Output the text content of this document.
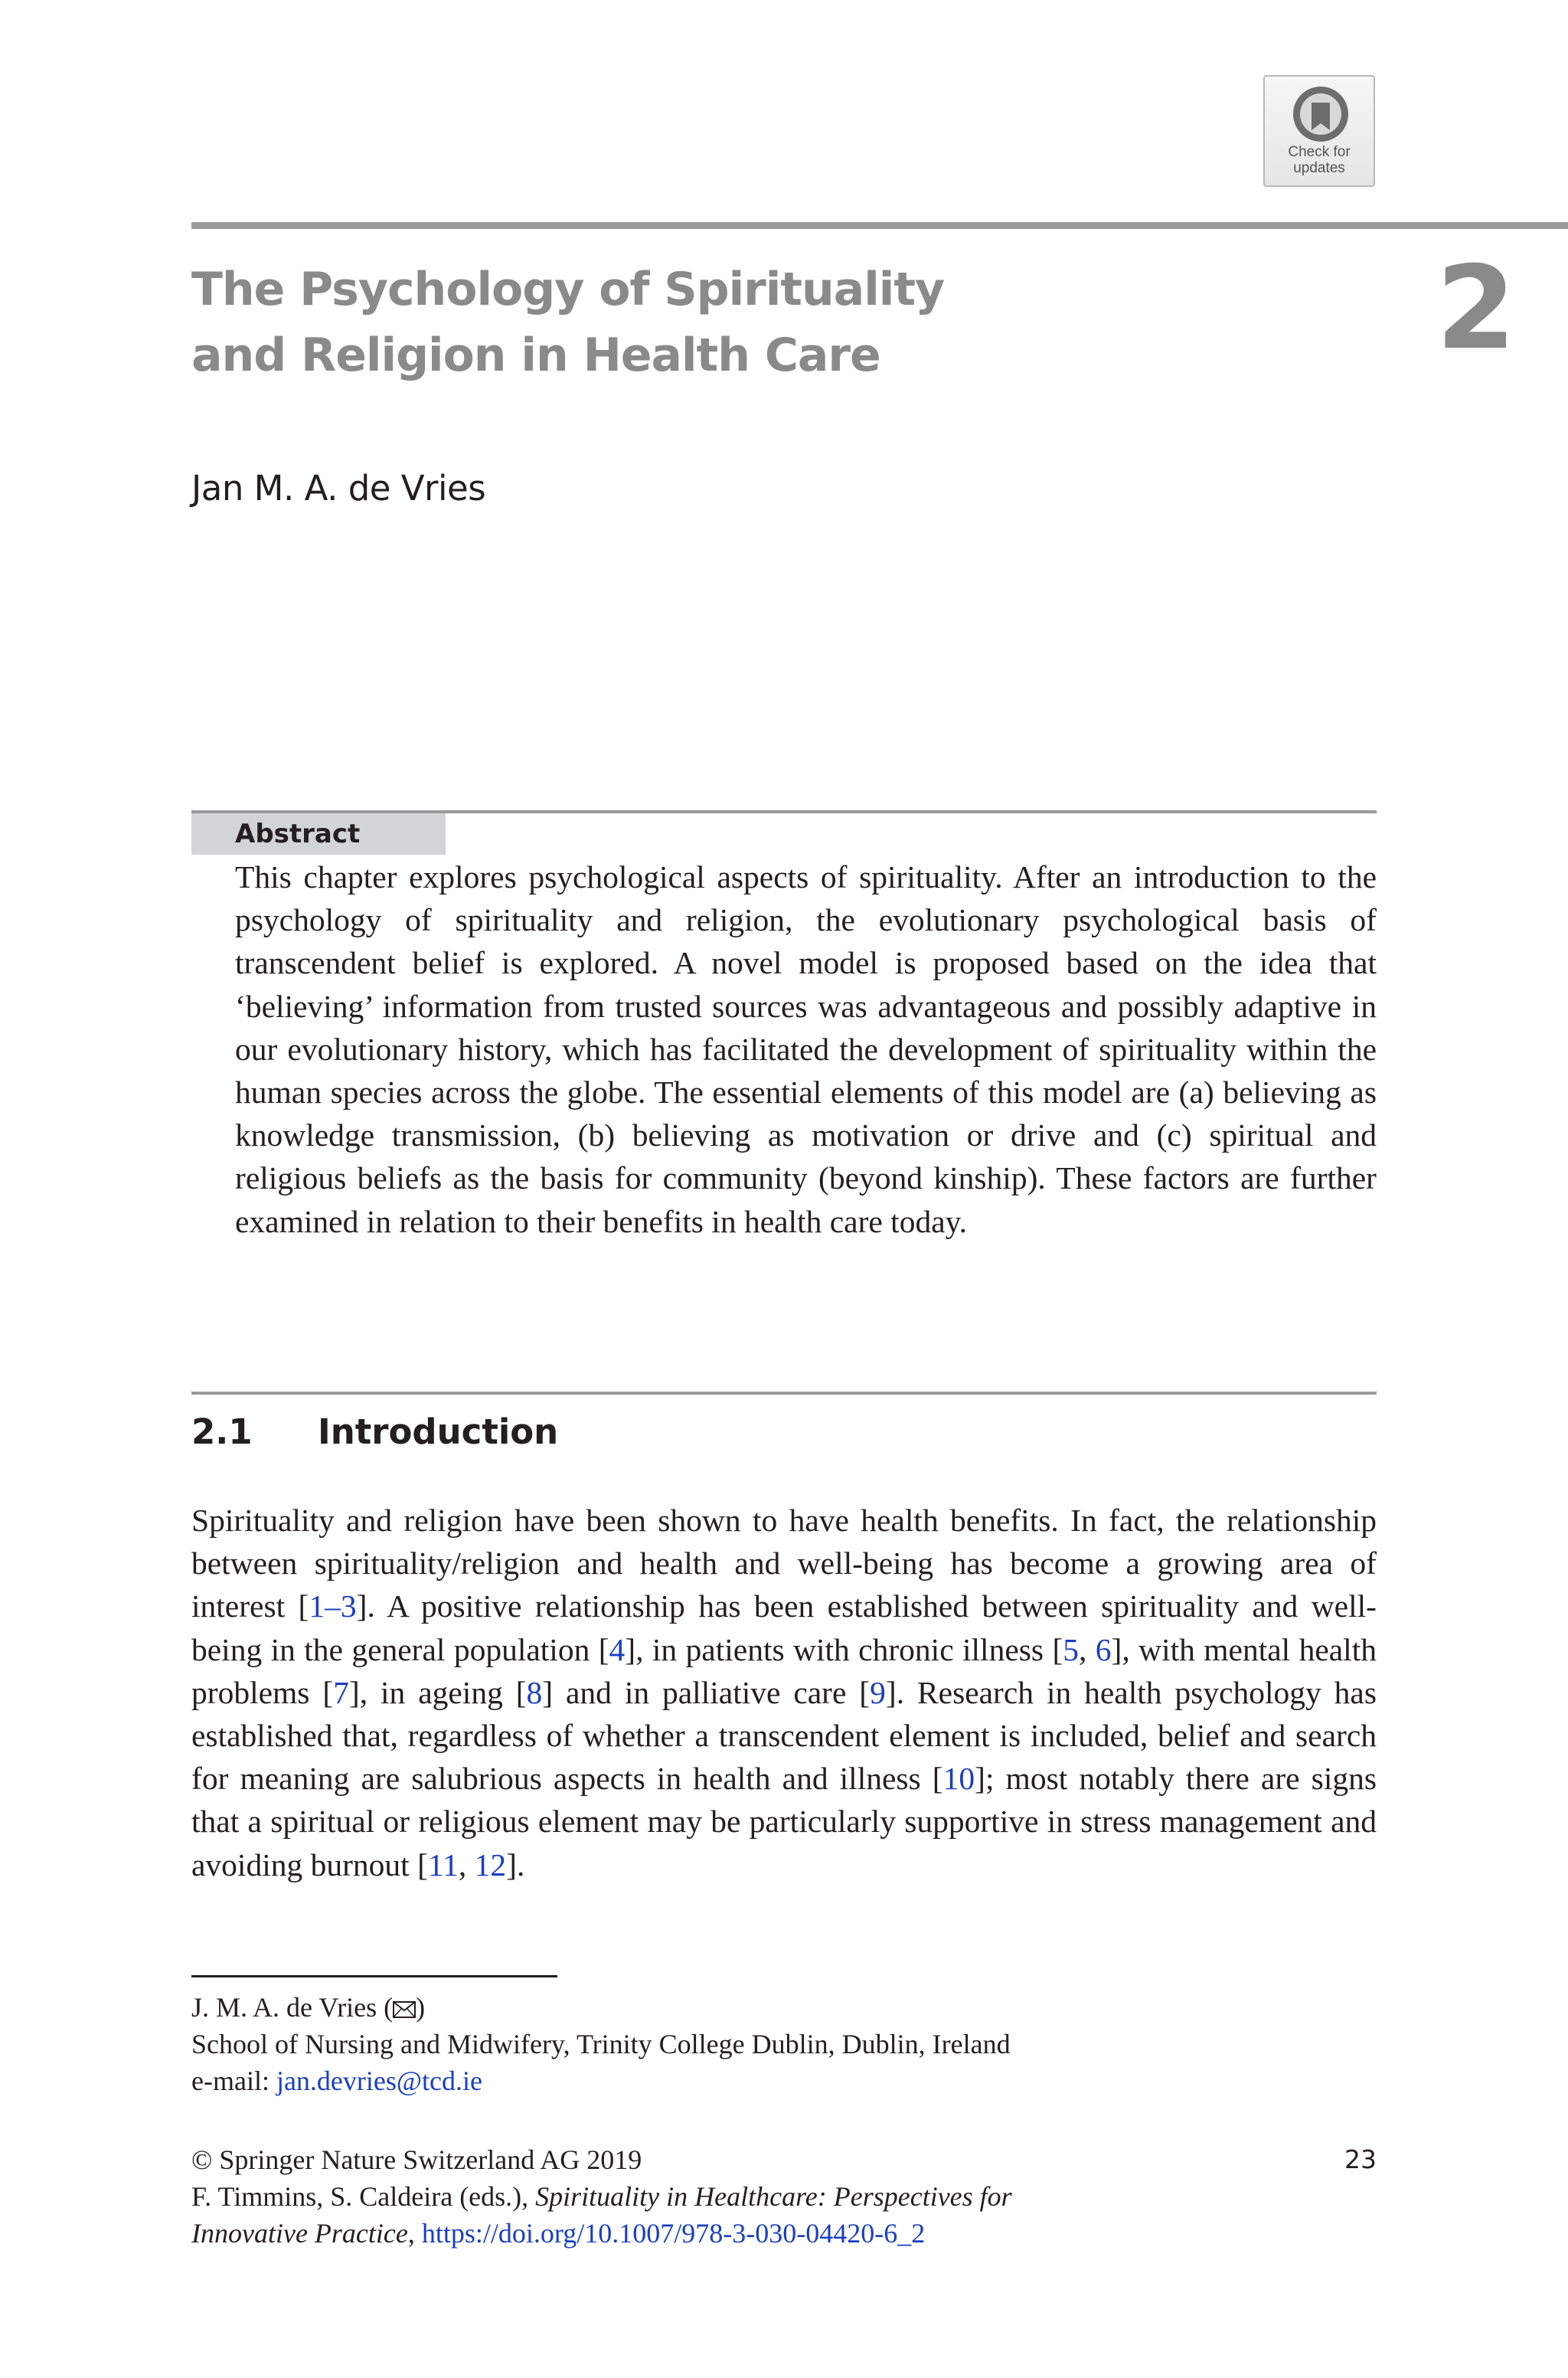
Check for
updates
The Psychology of Spirituality
and Religion in Health Care	2
Jan M. A. de Vries
Abstract
This chapter explores psychological aspects of spirituality. After an introduction to the psychology of spirituality and religion, the evolutionary psychological basis of transcendent belief is explored. A novel model is proposed based on the idea that ‘believing’ information from trusted sources was advantageous and possibly adaptive in our evolutionary history, which has facilitated the development of spirituality within the human species across the globe. The essential elements of this model are (a) believing as knowledge transmission, (b) believing as motivation or drive and (c) spiritual and religious beliefs as the basis for community (beyond kinship). These factors are further examined in relation to their benefits in health care today.
2.1 Introduction
Spirituality and religion have been shown to have health benefits. In fact, the relationship between spirituality/religion and health and well-being has become a growing area of interest [1–3]. A positive relationship has been established between spirituality and well-being in the general population [4], in patients with chronic illness [5, 6], with mental health problems [7], in ageing [8] and in palliative care [9]. Research in health psychology has established that, regardless of whether a transcendent element is included, belief and search for meaning are salubrious aspects in health and illness [10]; most notably there are signs that a spiritual or religious element may be particularly supportive in stress management and avoiding burnout [11, 12].
J. M. A. de Vries ( )
School of Nursing and Midwifery, Trinity College Dublin, Dublin, Ireland
e-mail: jan.devries@tcd.ie
© Springer Nature Switzerland AG 2019
F. Timmins, S. Caldeira (eds.), Spirituality in Healthcare: Perspectives for
Innovative Practice, https://doi.org/10.1007/978-3-030-04420-6_2
23
